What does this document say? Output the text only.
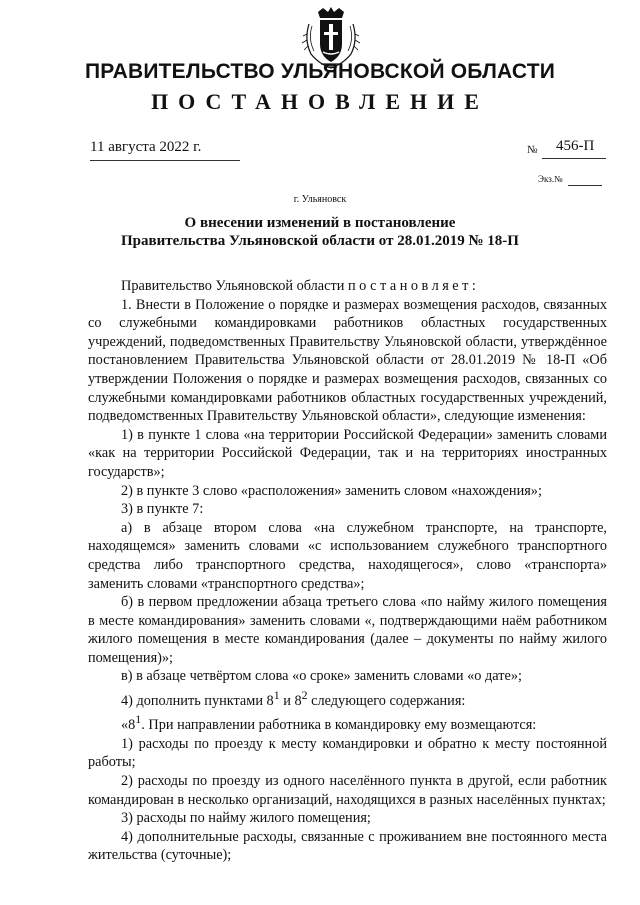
ПРАВИТЕЛЬСТВО УЛЬЯНОВСКОЙ ОБЛАСТИ
ПОСТАНОВЛЕНИЕ
11 августа 2022 г.	№ 456-П
Экз.№
г. Ульяновск
О внесении изменений в постановление
Правительства Ульяновской области от 28.01.2019 № 18-П

Правительство Ульяновской области постановляет:

1. Внести в Положение о порядке и размерах возмещения расходов, связанных со служебными командировками работников областных государственных учреждений, подведомственных Правительству Ульяновской области, утверждённое постановлением Правительства Ульяновской области от 28.01.2019 № 18-П «Об утверждении Положения о порядке и размерах возмещения расходов, связанных со служебными командировками работников областных государственных учреждений, подведомственных Правительству Ульяновской области», следующие изменения:

1) в пункте 1 слова «на территории Российской Федерации» заменить словами «как на территории Российской Федерации, так и на территориях иностранных государств»;

2) в пункте 3 слово «расположения» заменить словом «нахождения»;

3) в пункте 7:

а) в абзаце втором слова «на служебном транспорте, на транспорте, находящемся» заменить словами «с использованием служебного транспортного средства либо транспортного средства, находящегося», слово «транспорта» заменить словами «транспортного средства»;

б) в первом предложении абзаца третьего слова «по найму жилого помещения в месте командирования» заменить словами «, подтверждающими наём работником жилого помещения в месте командирования (далее – документы по найму жилого помещения)»;

в) в абзаце четвёртом слова «о сроке» заменить словами «о дате»;

4) дополнить пунктами $8^1$ и $8^2$ следующего содержания:

«$8^1$. При направлении работника в командировку ему возмещаются:

1) расходы по проезду к месту командировки и обратно к месту постоянной работы;

2) расходы по проезду из одного населённого пункта в другой, если работник командирован в несколько организаций, находящихся в разных населённых пунктах;

3) расходы по найму жилого помещения;

4) дополнительные расходы, связанные с проживанием вне постоянного места жительства (суточные);
